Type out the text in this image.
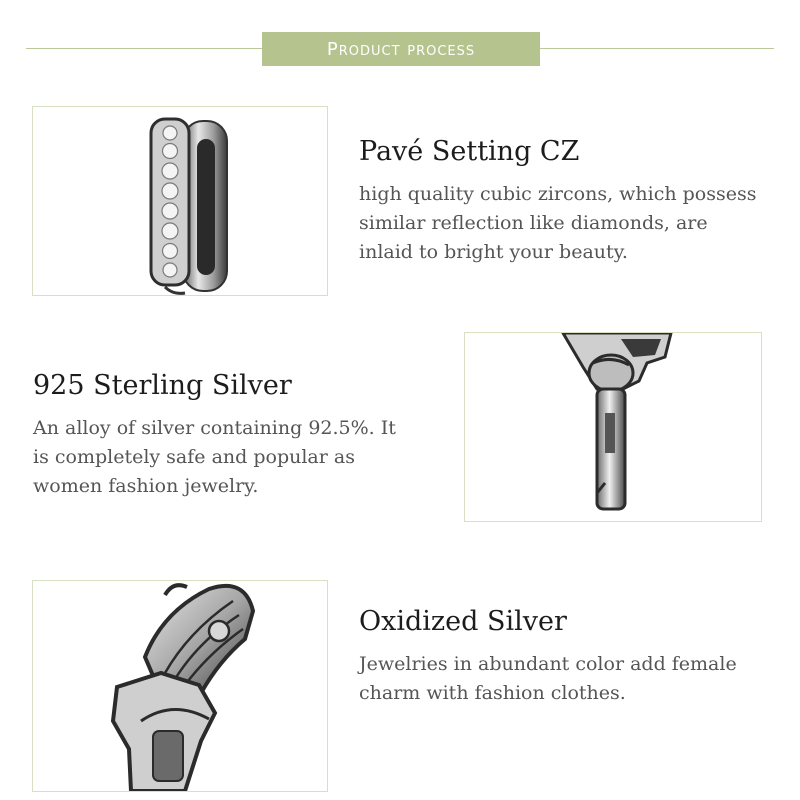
Product process
Pavé Setting CZ
high quality cubic zircons, which possess
similar reflection like diamonds, are
inlaid to bright your beauty.
925 Sterling Silver
An alloy of silver containing 92.5%. It
is completely safe and popular as
women fashion jewelry.
Oxidized Silver
Jewelries in abundant color add female
charm with fashion clothes.
